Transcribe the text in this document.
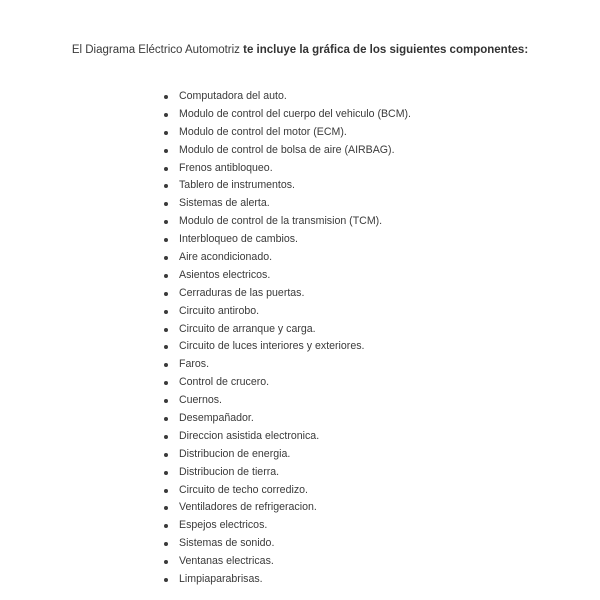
El Diagrama Eléctrico Automotriz te incluye la gráfica de los siguientes componentes:
Computadora del auto.
Modulo de control del cuerpo del vehiculo (BCM).
Modulo de control del motor (ECM).
Modulo de control de bolsa de aire (AIRBAG).
Frenos antibloqueo.
Tablero de instrumentos.
Sistemas de alerta.
Modulo de control de la transmision (TCM).
Interbloqueo de cambios.
Aire acondicionado.
Asientos electricos.
Cerraduras de las puertas.
Circuito antirobo.
Circuito de arranque y carga.
Circuito de luces interiores y exteriores.
Faros.
Control de crucero.
Cuernos.
Desempañador.
Direccion asistida electronica.
Distribucion de energia.
Distribucion de tierra.
Circuito de techo corredizo.
Ventiladores de refrigeracion.
Espejos electricos.
Sistemas de sonido.
Ventanas electricas.
Limpiaparabrisas.
